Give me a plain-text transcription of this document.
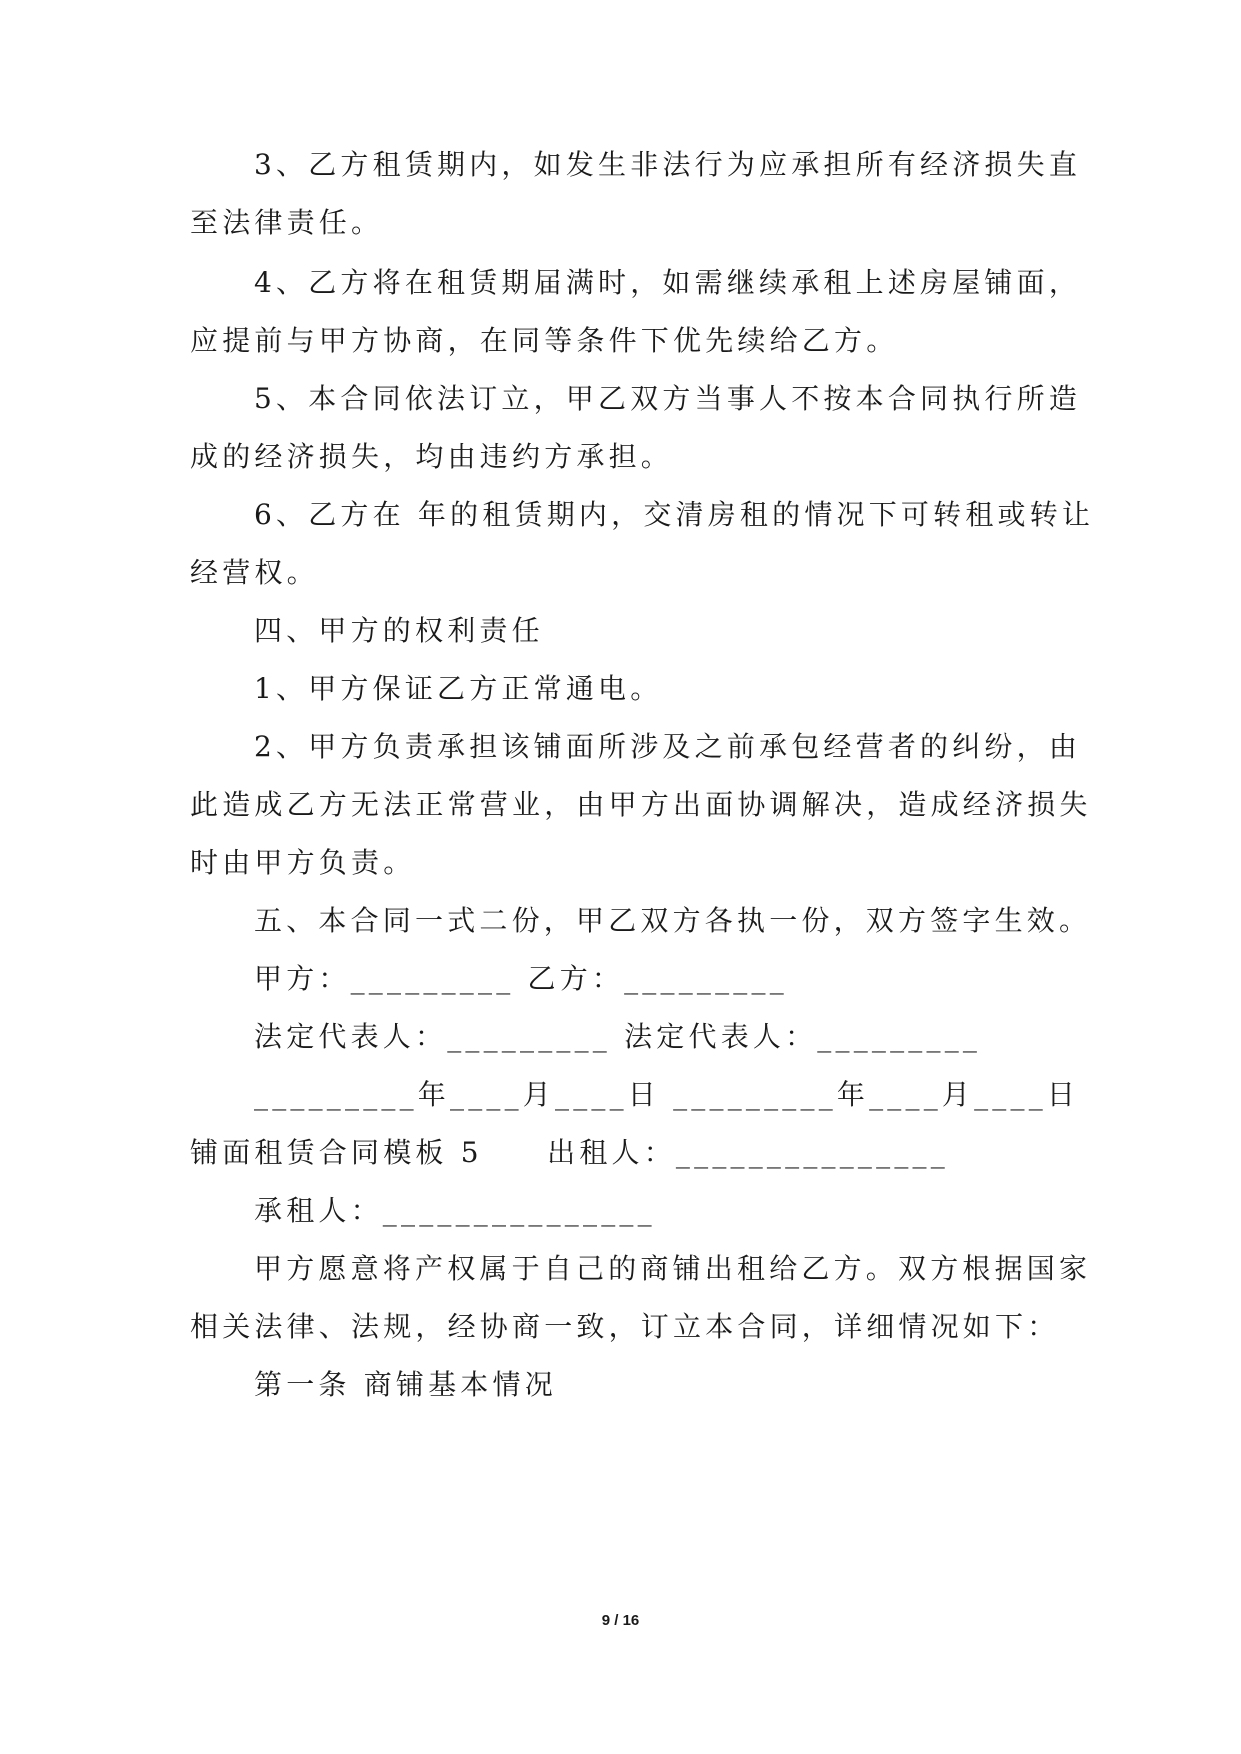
3、乙方租赁期内，如发生非法行为应承担所有经济损失直
至法律责任。
4、乙方将在租赁期届满时，如需继续承租上述房屋铺面，
应提前与甲方协商，在同等条件下优先续给乙方。
5、本合同依法订立，甲乙双方当事人不按本合同执行所造
成的经济损失，均由违约方承担。
6、乙方在 年的租赁期内，交清房租的情况下可转租或转让
经营权。
四、甲方的权利责任
1、甲方保证乙方正常通电。
2、甲方负责承担该铺面所涉及之前承包经营者的纠纷，由
此造成乙方无法正常营业，由甲方出面协调解决，造成经济损失
时由甲方负责。
五、本合同一式二份，甲乙双方各执一份，双方签字生效。
甲方：_________ 乙方：_________
法定代表人：_________ 法定代表人：_________
_________年____月____日 _________年____月____日
铺面租赁合同模板 5　　出租人：_______________
承租人：_______________
甲方愿意将产权属于自己的商铺出租给乙方。双方根据国家
相关法律、法规，经协商一致，订立本合同，详细情况如下：
第一条 商铺基本情况
9 / 16
